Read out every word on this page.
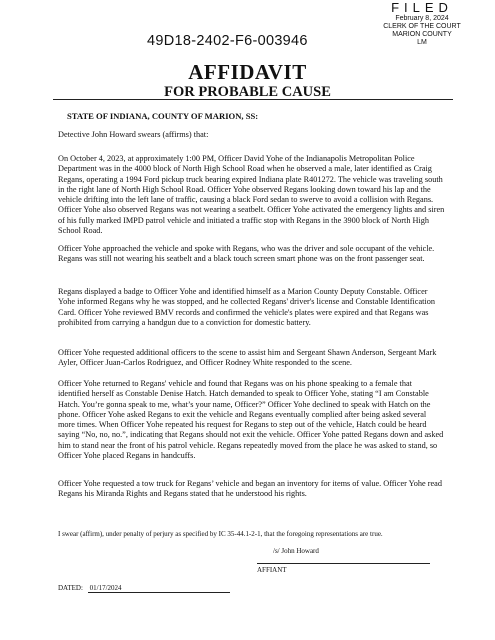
FILED
February 8, 2024
CLERK OF THE COURT
MARION COUNTY
LM
49D18-2402-F6-003946
AFFIDAVIT
FOR PROBABLE CAUSE
STATE OF INDIANA, COUNTY OF MARION, SS:

Detective John Howard swears (affirms) that:

On October 4, 2023, at approximately 1:00 PM, Officer David Yohe of the Indianapolis Metropolitan Police Department was in the 4000 block of North High School Road when he observed a male, later identified as Craig Regans, operating a 1994 Ford pickup truck bearing expired Indiana plate R401272. The vehicle was traveling south in the right lane of North High School Road. Officer Yohe observed Regans looking down toward his lap and the vehicle drifting into the left lane of traffic, causing a black Ford sedan to swerve to avoid a collision with Regans. Officer Yohe also observed Regans was not wearing a seatbelt. Officer Yohe activated the emergency lights and siren of his fully marked IMPD patrol vehicle and initiated a traffic stop with Regans in the 3900 block of North High School Road.

Officer Yohe approached the vehicle and spoke with Regans, who was the driver and sole occupant of the vehicle. Regans was still not wearing his seatbelt and a black touch screen smart phone was on the front passenger seat.

Regans displayed a badge to Officer Yohe and identified himself as a Marion County Deputy Constable. Officer Yohe informed Regans why he was stopped, and he collected Regans' driver's license and Constable Identification Card. Officer Yohe reviewed BMV records and confirmed the vehicle's plates were expired and that Regans was prohibited from carrying a handgun due to a conviction for domestic battery.

Officer Yohe requested additional officers to the scene to assist him and Sergeant Shawn Anderson, Sergeant Mark Ayler, Officer Juan-Carlos Rodriguez, and Officer Rodney White responded to the scene.

Officer Yohe returned to Regans' vehicle and found that Regans was on his phone speaking to a female that identified herself as Constable Denise Hatch. Hatch demanded to speak to Officer Yohe, stating “I am Constable Hatch. You’re gonna speak to me, what’s your name, Officer?” Officer Yohe declined to speak with Hatch on the phone. Officer Yohe asked Regans to exit the vehicle and Regans eventually complied after being asked several more times. When Officer Yohe repeated his request for Regans to step out of the vehicle, Hatch could be heard saying “No, no, no.”, indicating that Regans should not exit the vehicle. Officer Yohe patted Regans down and asked him to stand near the front of his patrol vehicle. Regans repeatedly moved from the place he was asked to stand, so Officer Yohe placed Regans in handcuffs.

Officer Yohe requested a tow truck for Regans’ vehicle and began an inventory for items of value. Officer Yohe read Regans his Miranda Rights and Regans stated that he understood his rights.

I swear (affirm), under penalty of perjury as specified by IC 35-44.1-2-1, that the foregoing representations are true.
/s/ John Howard
AFFIANT
DATED: 01/17/2024
